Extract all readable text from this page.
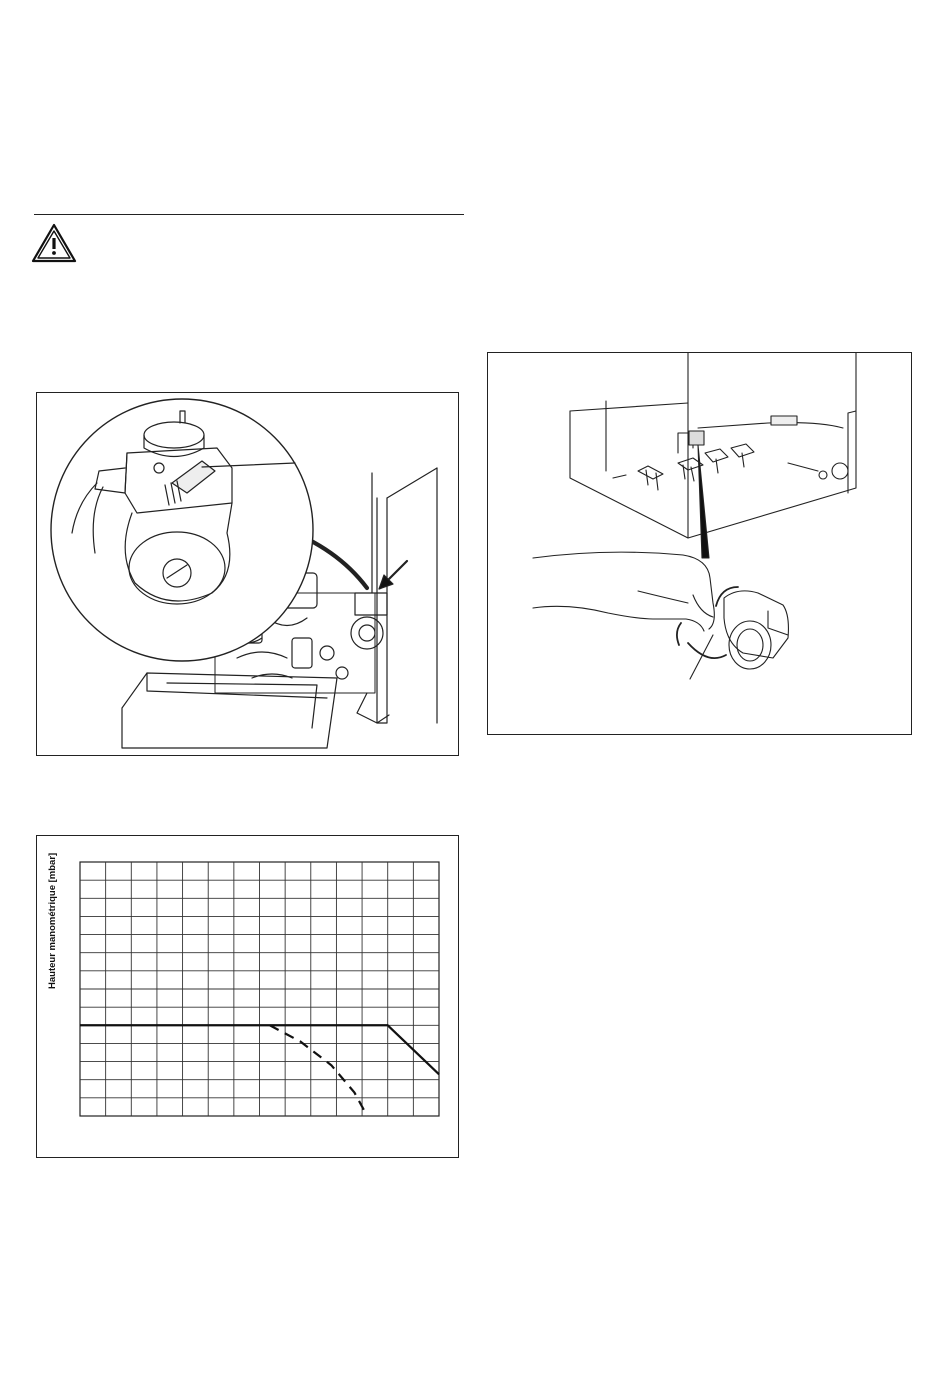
Hauteur manométrique [mbar]
